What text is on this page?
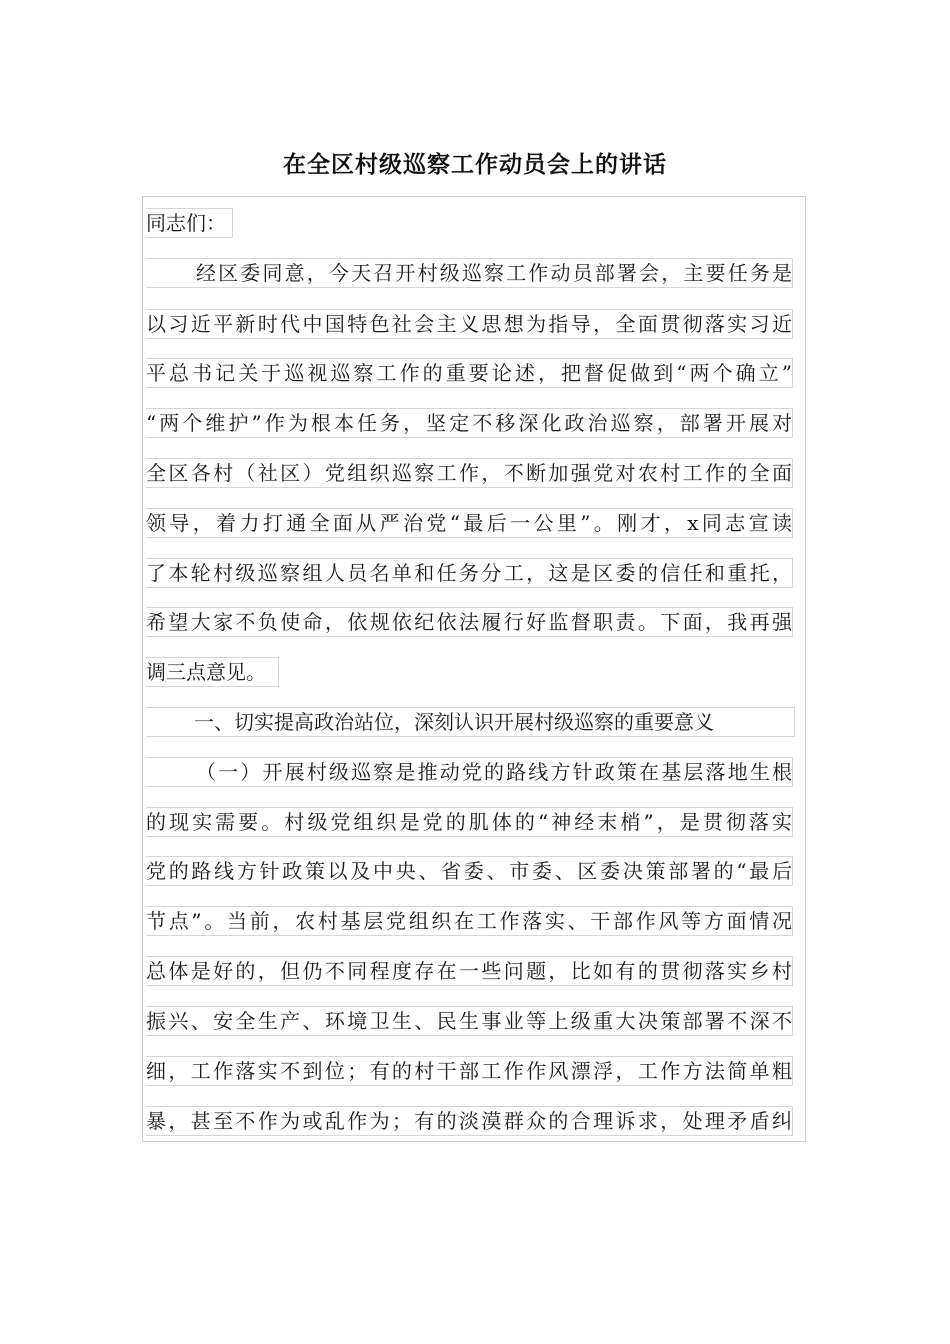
在全区村级巡察工作动员会上的讲话
同志们：
经区委同意，今天召开村级巡察工作动员部署会，主要任务是
以习近平新时代中国特色社会主义思想为指导，全面贯彻落实习近
平总书记关于巡视巡察工作的重要论述，把督促做到“两个确立”
“两个维护”作为根本任务，坚定不移深化政治巡察，部署开展对
全区各村（社区）党组织巡察工作，不断加强党对农村工作的全面
领导，着力打通全面从严治党“最后一公里”。刚才，x同志宣读
了本轮村级巡察组人员名单和任务分工，这是区委的信任和重托，
希望大家不负使命，依规依纪依法履行好监督职责。下面，我再强
调三点意见。
一、切实提高政治站位，深刻认识开展村级巡察的重要意义
（一）开展村级巡察是推动党的路线方针政策在基层落地生根
的现实需要。村级党组织是党的肌体的“神经末梢”，是贯彻落实
党的路线方针政策以及中央、省委、市委、区委决策部署的“最后
节点”。当前，农村基层党组织在工作落实、干部作风等方面情况
总体是好的，但仍不同程度存在一些问题，比如有的贯彻落实乡村
振兴、安全生产、环境卫生、民生事业等上级重大决策部署不深不
细，工作落实不到位；有的村干部工作作风漂浮，工作方法简单粗
暴，甚至不作为或乱作为；有的淡漠群众的合理诉求，处理矛盾纠
